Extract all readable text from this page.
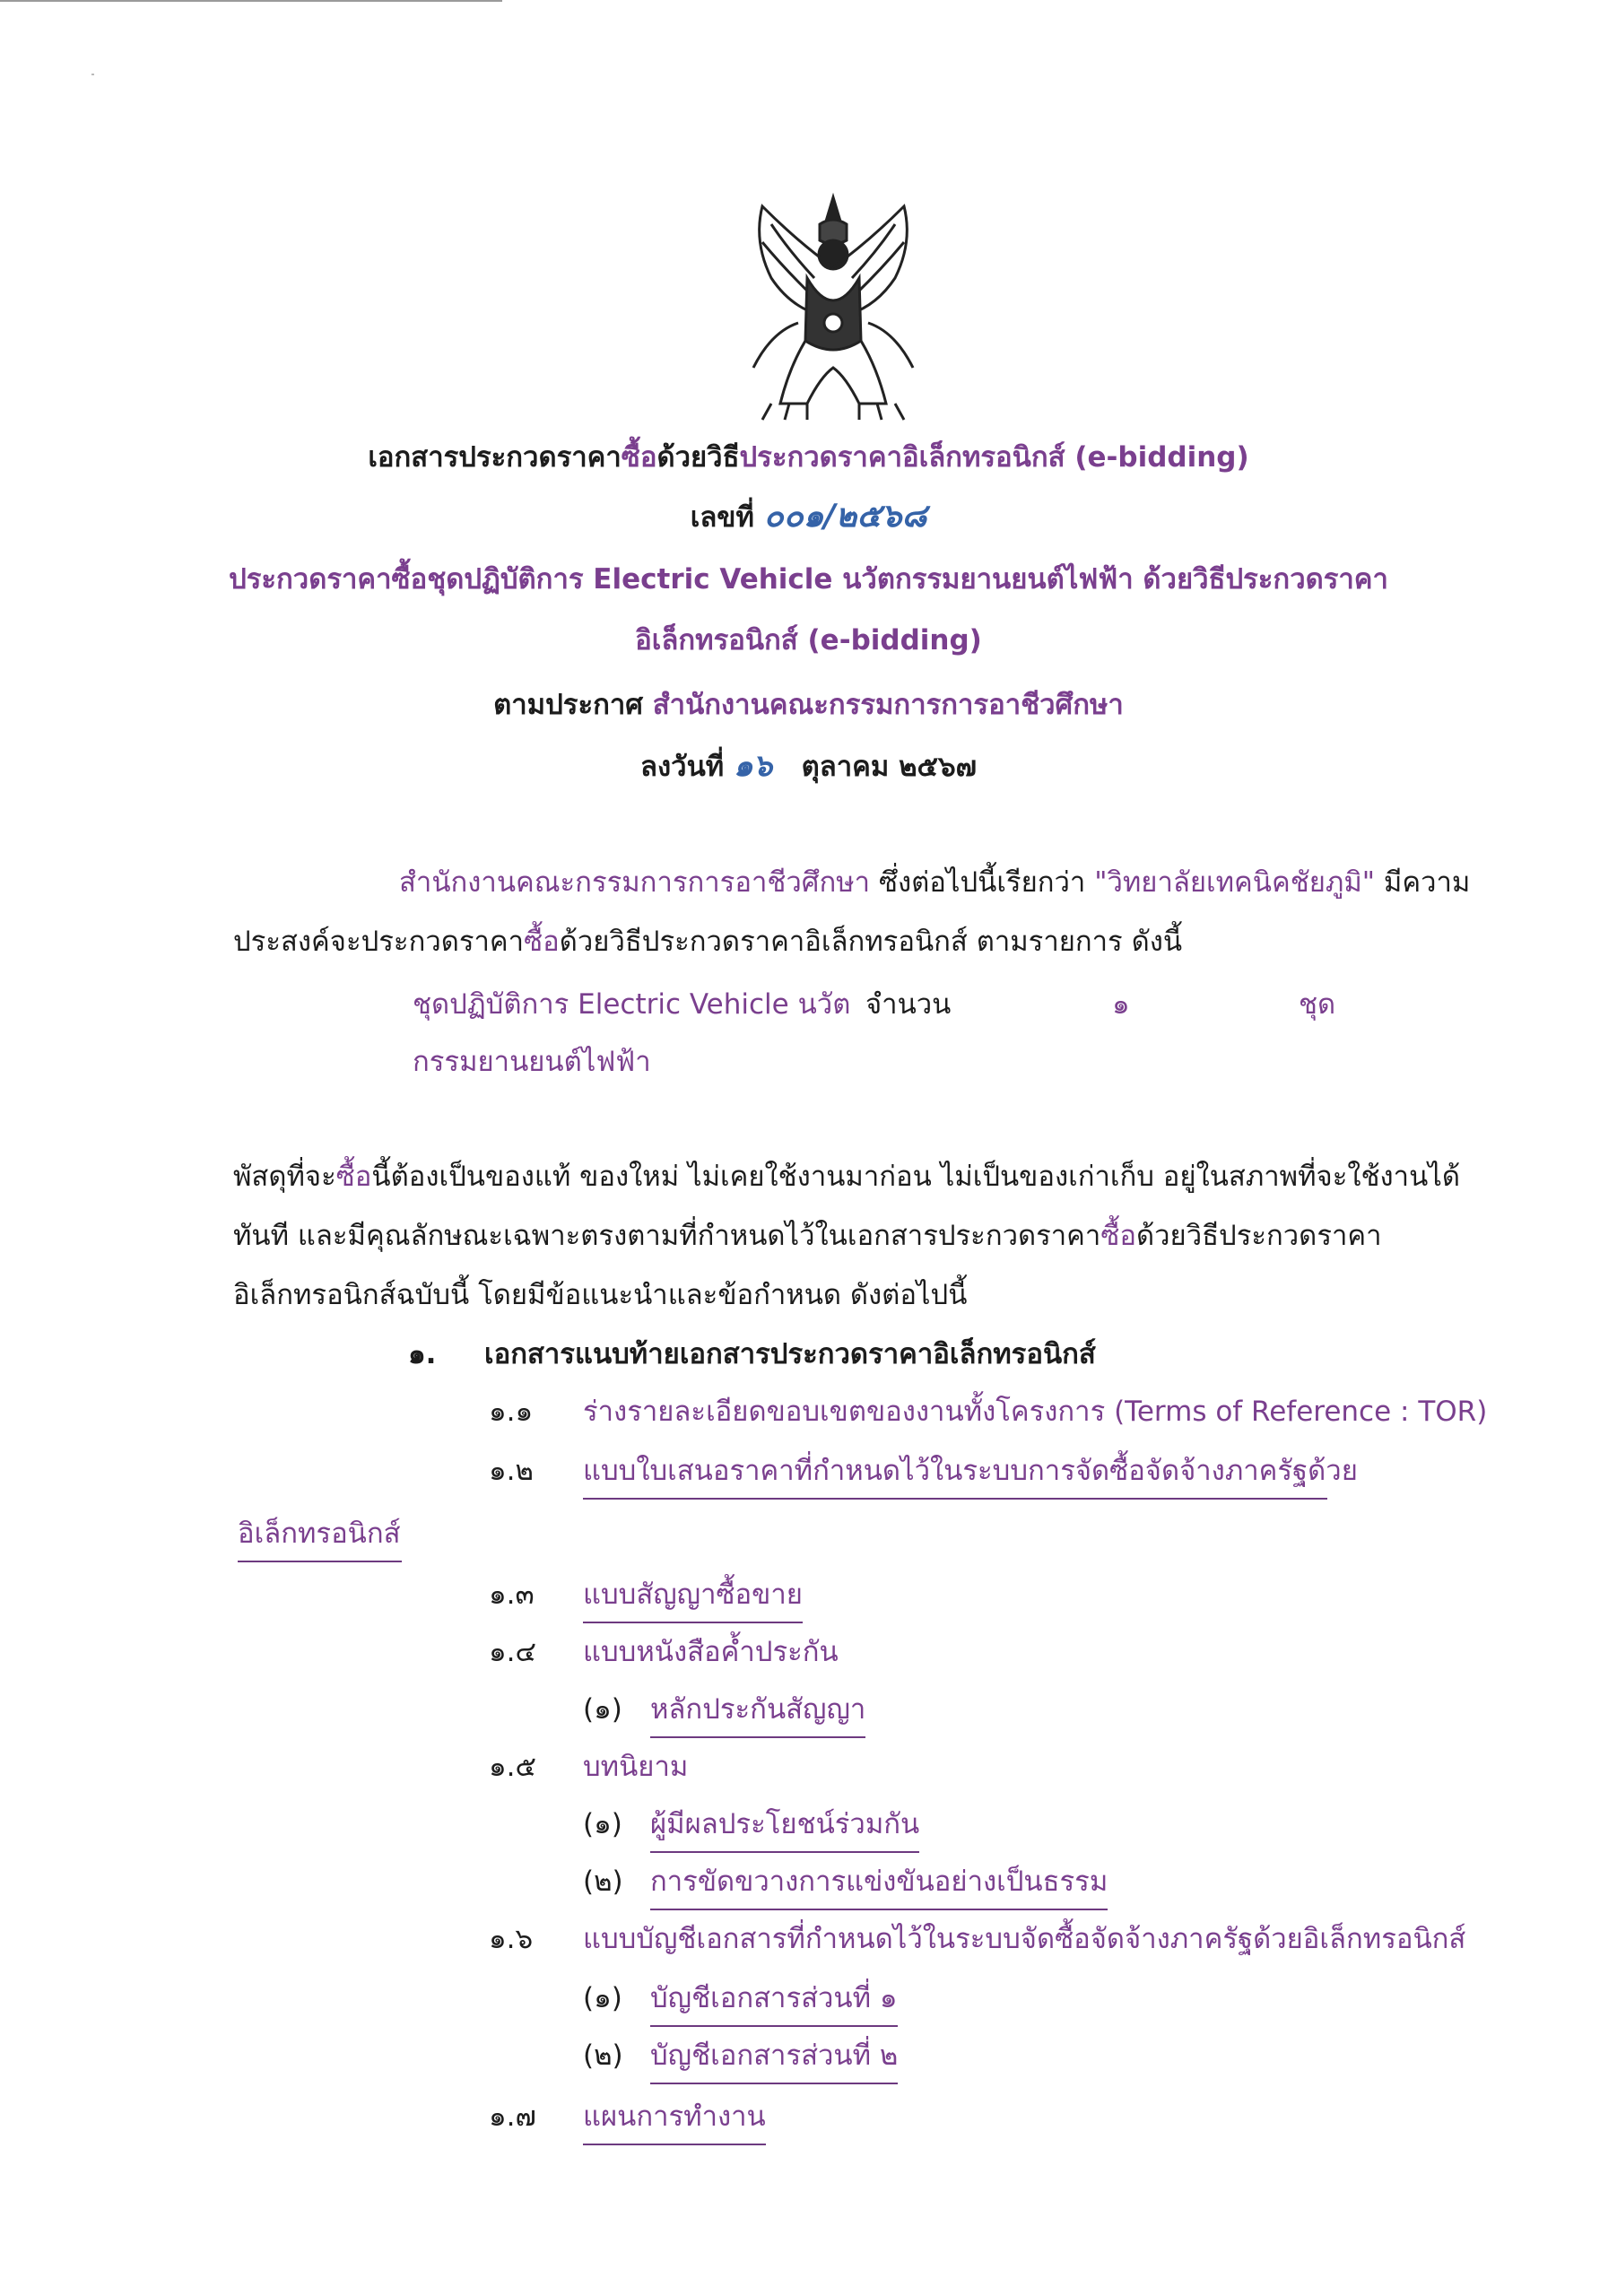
เอกสารประกวดราคาซื้อด้วยวิธีประกวดราคาอิเล็กทรอนิกส์ (e-bidding)
เลขที่ ๐๐๑/๒๕๖๘
ประกวดราคาซื้อชุดปฏิบัติการ Electric Vehicle นวัตกรรมยานยนต์ไฟฟ้า ด้วยวิธีประกวดราคา
อิเล็กทรอนิกส์ (e-bidding)
ตามประกาศ สำนักงานคณะกรรมการการอาชีวศึกษา
ลงวันที่ ๑๖ ตุลาคม ๒๕๖๗
สำนักงานคณะกรรมการการอาชีวศึกษา ซึ่งต่อไปนี้เรียกว่า "วิทยาลัยเทคนิคชัยภูมิ" มีความ
ประสงค์จะประกวดราคาซื้อด้วยวิธีประกวดราคาอิเล็กทรอนิกส์ ตามรายการ ดังนี้
ชุดปฏิบัติการ Electric Vehicle นวัต จำนวน	๑	ชุด
กรรมยานยนต์ไฟฟ้า
พัสดุที่จะซื้อนี้ต้องเป็นของแท้ ของใหม่ ไม่เคยใช้งานมาก่อน ไม่เป็นของเก่าเก็บ อยู่ในสภาพที่จะใช้งานได้
ทันที และมีคุณลักษณะเฉพาะตรงตามที่กำหนดไว้ในเอกสารประกวดราคาซื้อด้วยวิธีประกวดราคา
อิเล็กทรอนิกส์ฉบับนี้ โดยมีข้อแนะนำและข้อกำหนด ดังต่อไปนี้
๑. เอกสารแนบท้ายเอกสารประกวดราคาอิเล็กทรอนิกส์
๑.๑ ร่างรายละเอียดขอบเขตของงานทั้งโครงการ (Terms of Reference : TOR)
๑.๒ แบบใบเสนอราคาที่กำหนดไว้ในระบบการจัดซื้อจัดจ้างภาครัฐด้วย
อิเล็กทรอนิกส์
๑.๓ แบบสัญญาซื้อขาย
๑.๔ แบบหนังสือค้ำประกัน
(๑) หลักประกันสัญญา
๑.๕ บทนิยาม
(๑) ผู้มีผลประโยชน์ร่วมกัน
(๒) การขัดขวางการแข่งขันอย่างเป็นธรรม
๑.๖ แบบบัญชีเอกสารที่กำหนดไว้ในระบบจัดซื้อจัดจ้างภาครัฐด้วยอิเล็กทรอนิกส์
(๑) บัญชีเอกสารส่วนที่ ๑
(๒) บัญชีเอกสารส่วนที่ ๒
๑.๗ แผนการทำงาน
